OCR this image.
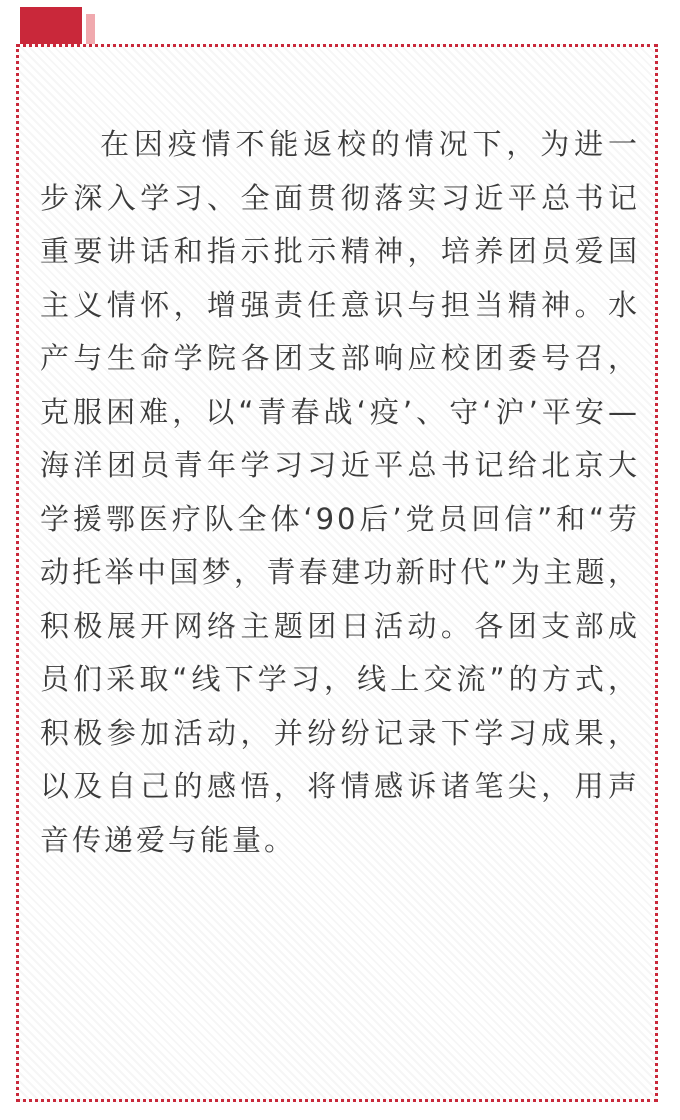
在因疫情不能返校的情况下，为进一步深入学习、全面贯彻落实习近平总书记重要讲话和指示批示精神，培养团员爱国主义情怀，增强责任意识与担当精神。水产与生命学院各团支部响应校团委号召，克服困难，以“青春战‘疫’、守‘沪’平安—海洋团员青年学习习近平总书记给北京大学援鄂医疗队全体‘90后’党员回信”和“劳动托举中国梦，青春建功新时代”为主题，积极展开网络主题团日活动。各团支部成员们采取“线下学习，线上交流”的方式，积极参加活动，并纷纷记录下学习成果，以及自己的感悟，将情感诉诸笔尖，用声音传递爱与能量。
